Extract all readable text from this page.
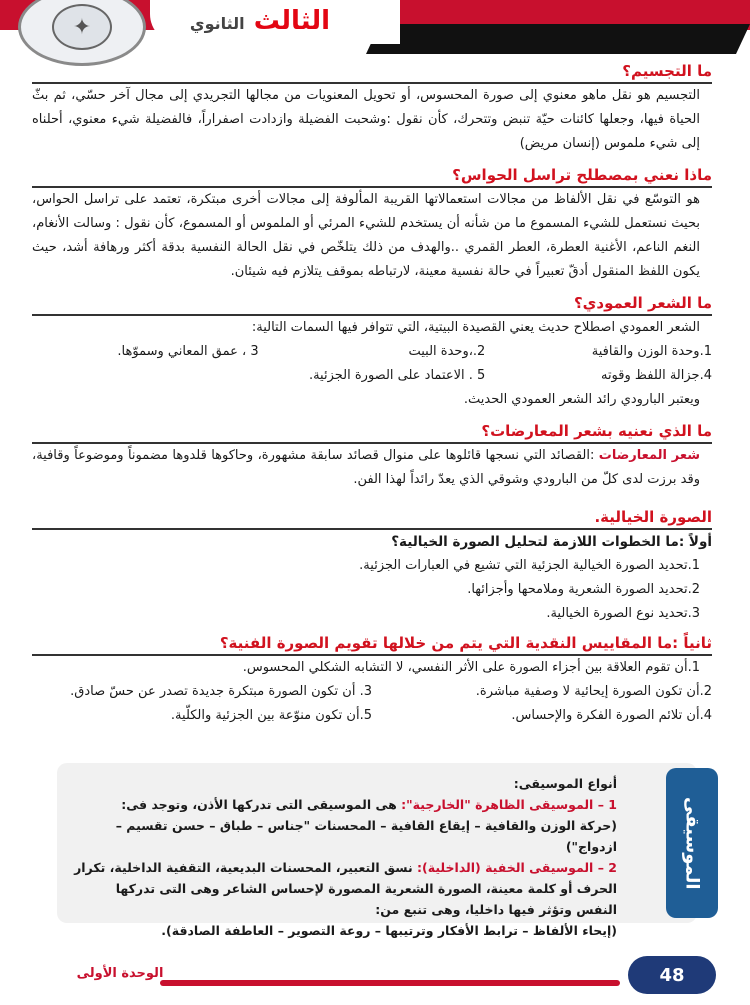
الثالث الثانوي
✦
ما التجسيم؟

التجسيم هو نقل ماهو معنوي إلى صورة المحسوس، أو تحويل المعنويات من مجالها التجريدي إلى مجال آخر حسّي، ثم بثّ الحياة فيها، وجعلها كائنات حيّة تنبض وتتحرك، كأن نقول :وشحبت الفضيلة وازدادت اصفراراً، فالفضيلة شيء معنوي، أحلناه إلى شيء ملموس (إنسان مريض)

ماذا نعني بمصطلح تراسل الحواس؟

هو التوسّع في نقل الألفاظ من مجالات استعمالاتها القريبة المألوفة إلى مجالات أخرى مبتكرة، تعتمد على تراسل الحواس، بحيث نستعمل للشيء المسموع ما من شأنه أن يستخدم للشيء المرئي أو الملموس أو المسموع، كأن نقول : وسالت الأنغام، النغم الناعم، الأغنية العطرة، العطر القمري ..والهدف من ذلك يتلخّص في نقل الحالة النفسية بدقة أكثر ورهافة أشد، حيث يكون اللفظ المنقول أدقّ تعبيراً في حالة نفسية معينة، لارتباطه بموقف يتلازم فيه شيئان.

ما الشعر العمودي؟

الشعر العمودي اصطلاح حديث يعني القصيدة البيتية، التي تتوافر فيها السمات التالية:

1.وحدة الوزن والقافية
2.،وحدة البيت
3 ، عمق المعاني وسموّها.
4.جزالة اللفظ وقوته
5 . الاعتماد على الصورة الجزئية.

ويعتبر البارودي رائد الشعر العمودي الحديث.

ما الذي نعنيه بشعر المعارضات؟

شعر المعارضات :القصائد التي نسجها قائلوها على منوال قصائد سابقة مشهورة، وحاكوها قلدوها مضموناً وموضوعاً وقافية، وقد برزت لدى كلّ من البارودي وشوقي الذي يعدّ رائداً لهذا الفن.

الصورة الخيالية.

أولاً :ما الخطوات اللازمة لتحليل الصورة الخيالية؟

1.تحديد الصورة الخيالية الجزئية التي تشيع في العبارات الجزئية.

2.تحديد الصورة الشعرية وملامحها وأجزائها.

3.تحديد نوع الصورة الخيالية.

ثانياً :ما المقاييس النقدية التي يتم من خلالها تقويم الصورة الفنية؟

1.أن تقوم العلاقة بين أجزاء الصورة على الأثر النفسي، لا التشابه الشكلي المحسوس.

2.أن تكون الصورة إيحائية لا وصفية مباشرة.
3. أن تكون الصورة مبتكرة جديدة تصدر عن حسّ صادق.
4.أن تلائم الصورة الفكرة والإحساس.
5.أن تكون منوّعة بين الجزئية والكلّية.
أنواع الموسيقى:
1 – الموسيقى الظاهرة "الخارجية": هى الموسيقى التى تدركها الأذن، وتوجد فى:
(حركة الوزن والقافية – إيقاع القافية – المحسنات "جناس – طباق – حسن تقسيم – ازدواج")
2 – الموسيقى الخفية (الداخلية): نسق التعبير، المحسنات البديعية، التقفية الداخلية، تكرار الحرف أو كلمة معينة، الصورة الشعرية المصورة لإحساس الشاعر وهى التى تدركها النفس وتؤثر فيها داخليا، وهى تنبع من:
(إيحاء الألفاظ – ترابط الأفكار وترتيبها – روعة التصوير – العاطفة الصادقة).
الموسيقى
الوحدة الأولى	48
